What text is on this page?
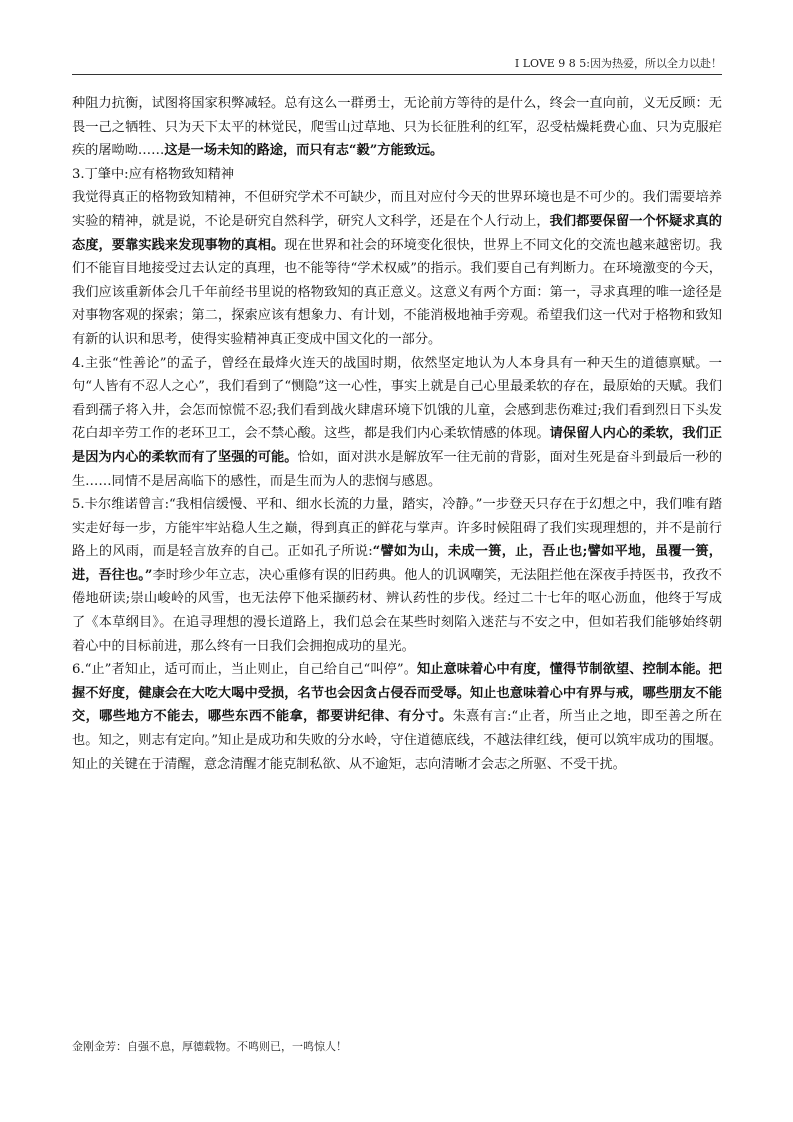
I LOVE 9 8 5:因为热爱，所以全力以赴！

种阻力抗衡，试图将国家积弊减轻。总有这么一群勇士，无论前方等待的是什么，终会一直向前，义无反顾：无畏一己之牺牲、只为天下太平的林觉民，爬雪山过草地、只为长征胜利的红军，忍受枯燥耗费心血、只为克服疟疾的屠呦呦……这是一场未知的路途，而只有志“毅”方能致远。

3.丁肇中:应有格物致知精神

我觉得真正的格物致知精神，不但研究学术不可缺少，而且对应付今天的世界环境也是不可少的。我们需要培养实验的精神，就是说，不论是研究自然科学，研究人文科学，还是在个人行动上，我们都要保留一个怀疑求真的态度，要靠实践来发现事物的真相。现在世界和社会的环境变化很快，世界上不同文化的交流也越来越密切。我们不能盲目地接受过去认定的真理，也不能等待“学术权威”的指示。我们要自己有判断力。在环境激变的今天，我们应该重新体会几千年前经书里说的格物致知的真正意义。这意义有两个方面：第一，寻求真理的唯一途径是对事物客观的探索；第二，探索应该有想象力、有计划，不能消极地袖手旁观。希望我们这一代对于格物和致知有新的认识和思考，使得实验精神真正变成中国文化的一部分。

4.主张“性善论”的孟子，曾经在最烽火连天的战国时期，依然坚定地认为人本身具有一种天生的道德禀赋。一句“人皆有不忍人之心”，我们看到了“恻隐”这一心性，事实上就是自己心里最柔软的存在，最原始的天赋。我们看到孺子将入井，会怎而惊慌不忍;我们看到战火肆虐环境下饥饿的儿童，会感到悲伤难过;我们看到烈日下头发花白却辛劳工作的老环卫工，会不禁心酸。这些，都是我们内心柔软情感的体现。请保留人内心的柔软，我们正是因为内心的柔软而有了坚强的可能。恰如，面对洪水是解放军一往无前的背影，面对生死是奋斗到最后一秒的生……同情不是居高临下的感性，而是生而为人的悲悯与感恩。

5.卡尔维诺曾言:“我相信缓慢、平和、细水长流的力量，踏实，冷静。”一步登天只存在于幻想之中，我们唯有踏实走好每一步，方能牢牢站稳人生之巅，得到真正的鲜花与掌声。许多时候阻碍了我们实现理想的，并不是前行路上的风雨，而是轻言放弃的自己。正如孔子所说:“譬如为山，未成一篑，止，吾止也;譬如平地，虽覆一篑，进，吾往也。”李时珍少年立志，决心重修有误的旧药典。他人的讥讽嘲笑，无法阻拦他在深夜手持医书，孜孜不倦地研读;崇山峻岭的风雪，也无法停下他采撷药材、辨认药性的步伐。经过二十七年的呕心沥血，他终于写成了《本草纲目》。在追寻理想的漫长道路上，我们总会在某些时刻陷入迷茫与不安之中，但如若我们能够始终朝着心中的目标前进，那么终有一日我们会拥抱成功的星光。

6.“止”者知止，适可而止，当止则止，自己给自己“叫停”。知止意味着心中有度，懂得节制欲望、控制本能。把握不好度，健康会在大吃大喝中受损，名节也会因贪占侵吞而受辱。知止也意味着心中有界与戒，哪些朋友不能交，哪些地方不能去，哪些东西不能拿，都要讲纪律、有分寸。朱熹有言:“止者，所当止之地，即至善之所在也。知之，则志有定向。”知止是成功和失败的分水岭，守住道德底线，不越法律红线，便可以筑牢成功的围堰。知止的关键在于清醒，意念清醒才能克制私欲、从不逾矩，志向清晰才会志之所驱、不受干扰。

金刚金芳：自强不息，厚德载物。不鸣则已，一鸣惊人！
